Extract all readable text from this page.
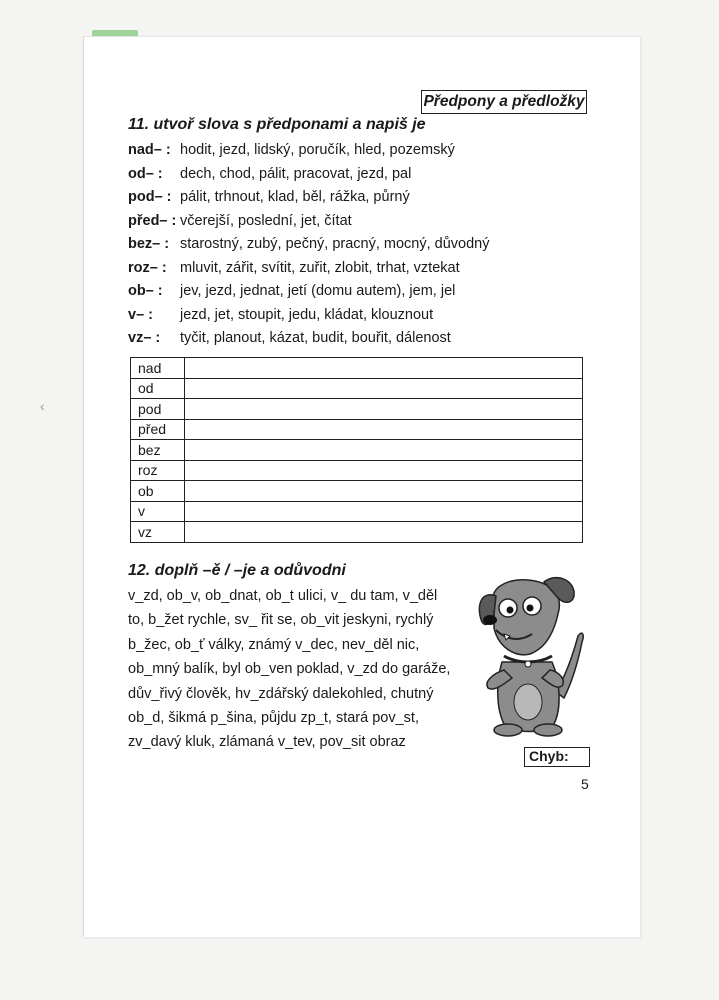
‹
Předpony a předložky
11. utvoř slova s předponami a napiš je
nad– : hodit, jezd, lidský, poručík, hled, pozemský
od– : dech, chod, pálit, pracovat, jezd, pal
pod– : pálit, trhnout, klad, běl, rážka, půrný
před– : včerejší, poslední, jet, čítat
bez– : starostný, zubý, pečný, pracný, mocný, důvodný
roz– : mluvit, zářit, svítit, zuřit, zlobit, trhat, vztekat
ob– : jev, jezd, jednat, jetí (domu autem), jem, jel
v– : jezd, jet, stoupit, jedu, kládat, klouznout
vz– : tyčit, planout, kázat, budit, bouřit, dálenost
nad	
od	
pod	
před	
bez	
roz	
ob	
v	
vz	
12. doplň –ě / –je a odůvodni
v_zd, ob_v, ob_dnat, ob_t ulici, v_ du tam, v_děl
to, b_žet rychle, sv_ řit se, ob_vit jeskyni, rychlý
b_žec, ob_ť války, známý v_dec, nev_děl nic,
ob_mný balík, byl ob_ven poklad, v_zd do garáže,
dův_řivý člověk, hv_zdářský dalekohled, chutný
ob_d, šikmá p_šina, půjdu zp_t, stará pov_st,
zv_davý kluk, zlámaná v_tev, pov_sit obraz
Chyb:
5
